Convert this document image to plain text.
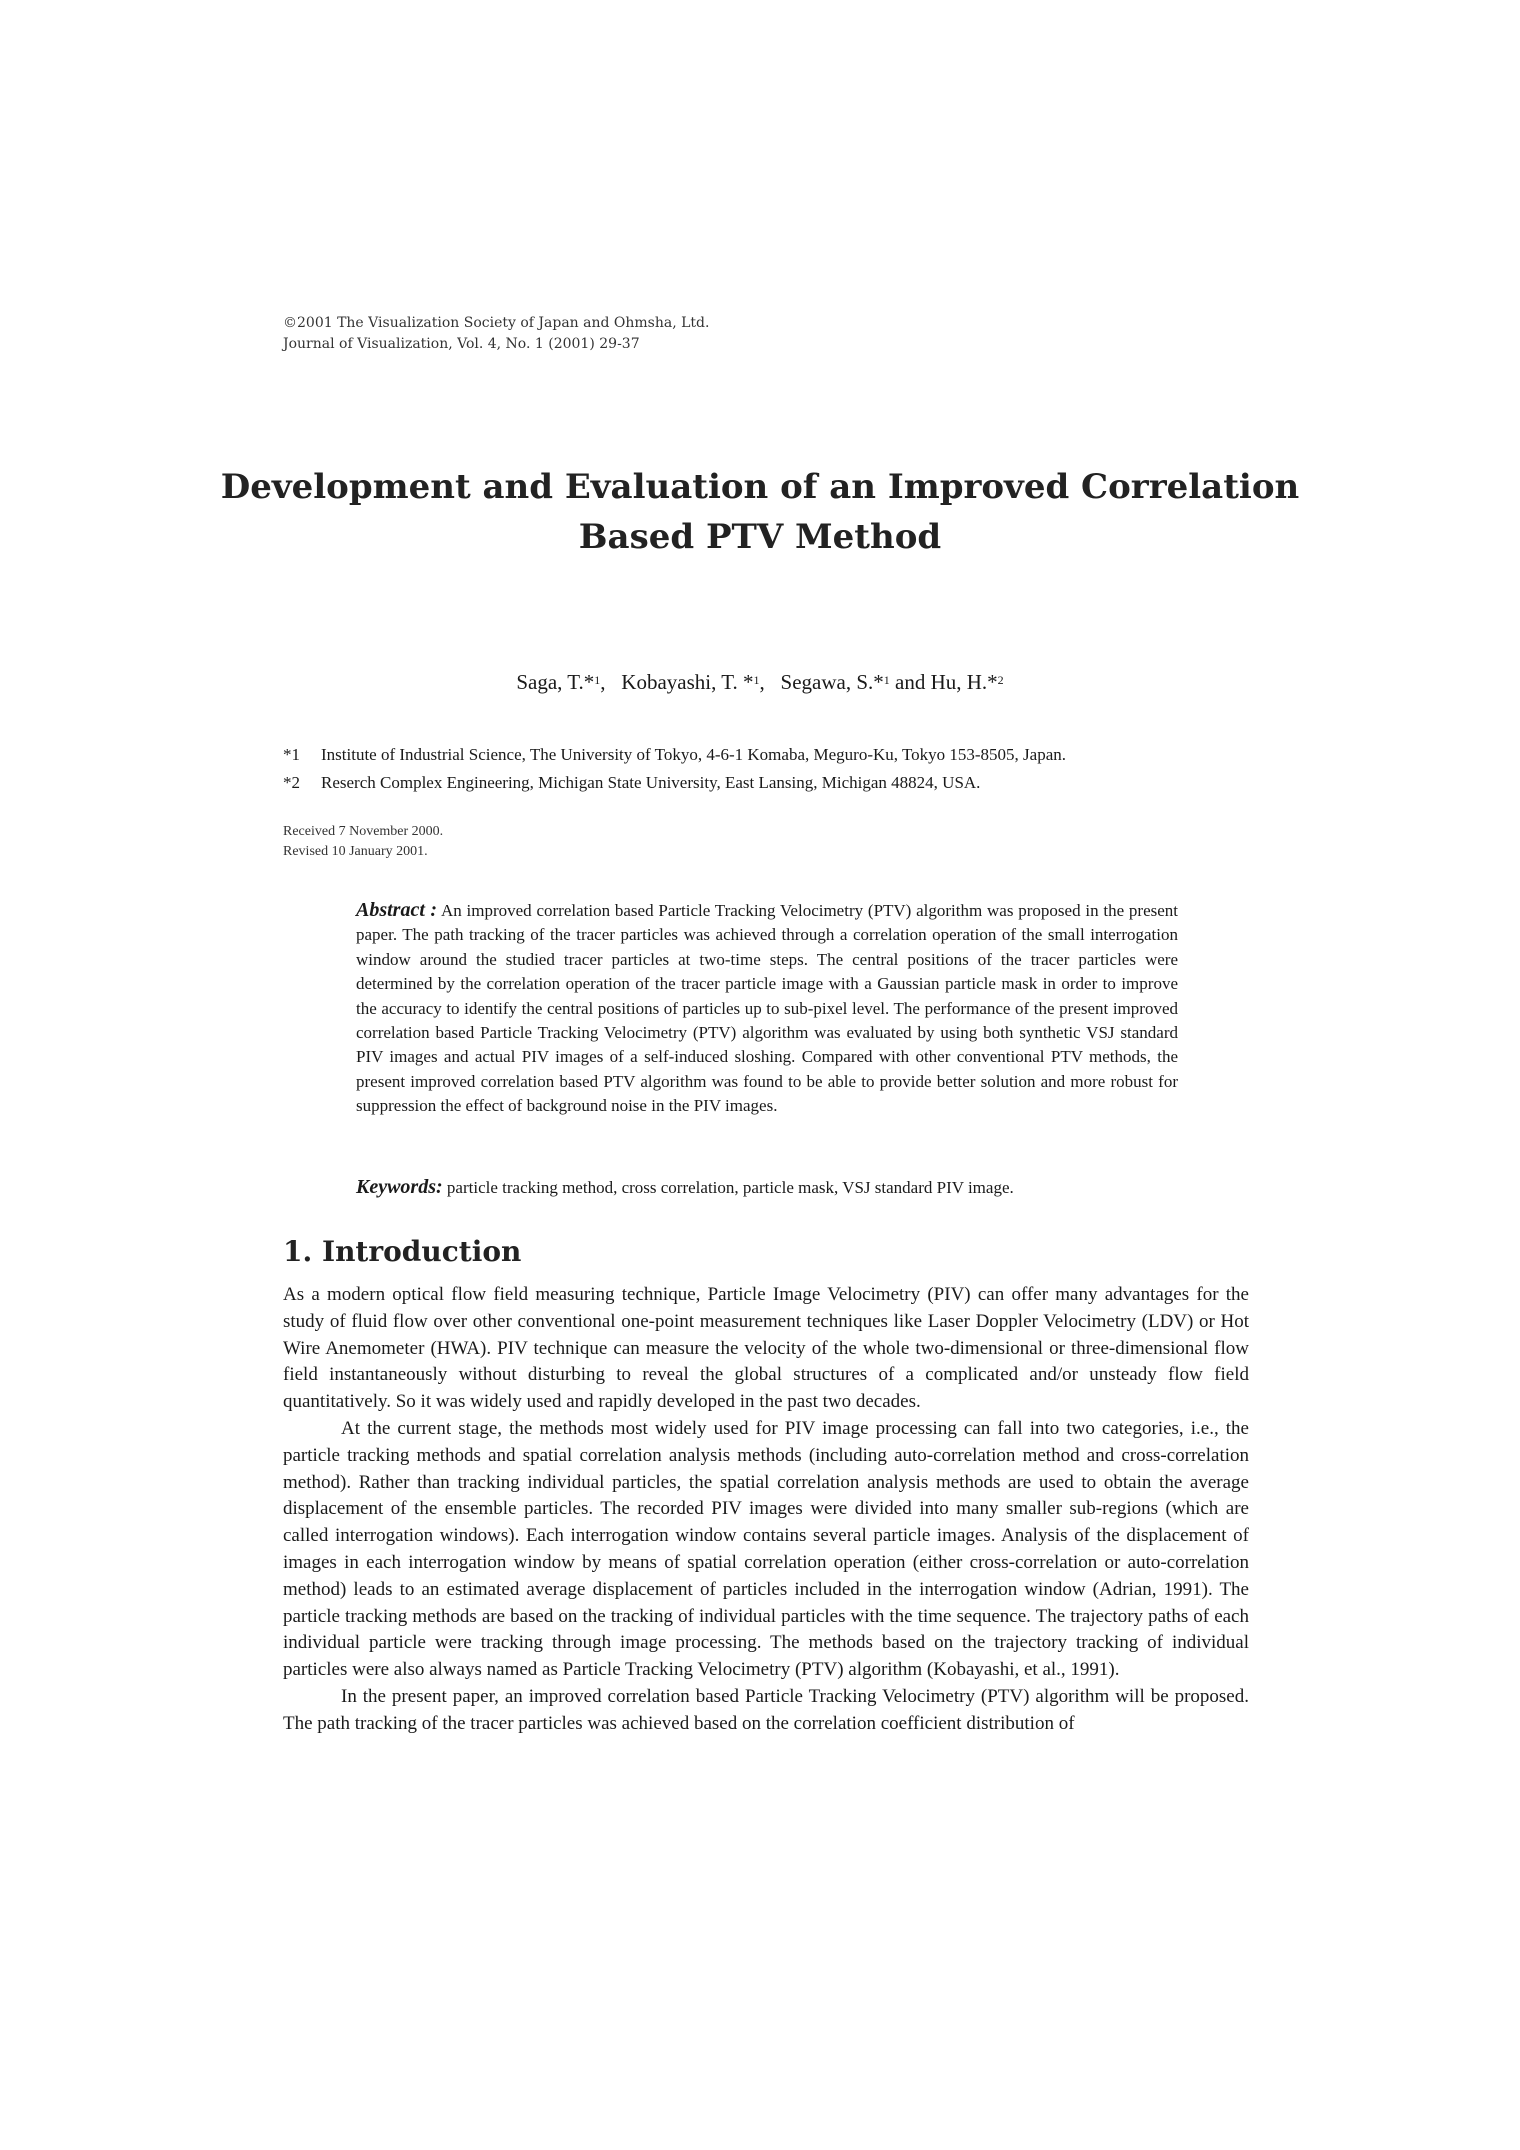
©2001 The Visualization Society of Japan and Ohmsha, Ltd.
Journal of Visualization, Vol. 4, No. 1 (2001) 29-37
Development and Evaluation of an Improved Correlation
Based PTV Method
Saga, T.*$^1$,   Kobayashi, T. *$^1$,   Segawa, S.*$^1$ and Hu, H.*$^2$
*1 Institute of Industrial Science, The University of Tokyo, 4-6-1 Komaba, Meguro-Ku, Tokyo 153-8505, Japan.
*2 Reserch Complex Engineering, Michigan State University, East Lansing, Michigan 48824, USA.
Received 7 November 2000.
Revised 10 January 2001.
Abstract : An improved correlation based Particle Tracking Velocimetry (PTV) algorithm was proposed in the present paper. The path tracking of the tracer particles was achieved through a correlation operation of the small interrogation window around the studied tracer particles at two-time steps. The central positions of the tracer particles were determined by the correlation operation of the tracer particle image with a Gaussian particle mask in order to improve the accuracy to identify the central positions of particles up to sub-pixel level. The performance of the present improved correlation based Particle Tracking Velocimetry (PTV) algorithm was evaluated by using both synthetic VSJ standard PIV images and actual PIV images of a self-induced sloshing. Compared with other conventional PTV methods, the present improved correlation based PTV algorithm was found to be able to provide better solution and more robust for suppression the effect of background noise in the PIV images.
Keywords: particle tracking method, cross correlation, particle mask, VSJ standard PIV image.
1. Introduction

As a modern optical flow field measuring technique, Particle Image Velocimetry (PIV) can offer many advantages for the study of fluid flow over other conventional one-point measurement techniques like Laser Doppler Velocimetry (LDV) or Hot Wire Anemometer (HWA). PIV technique can measure the velocity of the whole two-dimensional or three-dimensional flow field instantaneously without disturbing to reveal the global structures of a complicated and/or unsteady flow field quantitatively. So it was widely used and rapidly developed in the past two decades.

At the current stage, the methods most widely used for PIV image processing can fall into two categories, i.e., the particle tracking methods and spatial correlation analysis methods (including auto-correlation method and cross-correlation method). Rather than tracking individual particles, the spatial correlation analysis methods are used to obtain the average displacement of the ensemble particles. The recorded PIV images were divided into many smaller sub-regions (which are called interrogation windows). Each interrogation window contains several particle images. Analysis of the displacement of images in each interrogation window by means of spatial correlation operation (either cross-correlation or auto-correlation method) leads to an estimated average displacement of particles included in the interrogation window (Adrian, 1991). The particle tracking methods are based on the tracking of individual particles with the time sequence. The trajectory paths of each individual particle were tracking through image processing. The methods based on the trajectory tracking of individual particles were also always named as Particle Tracking Velocimetry (PTV) algorithm (Kobayashi, et al., 1991).

In the present paper, an improved correlation based Particle Tracking Velocimetry (PTV) algorithm will be proposed. The path tracking of the tracer particles was achieved based on the correlation coefficient distribution of
